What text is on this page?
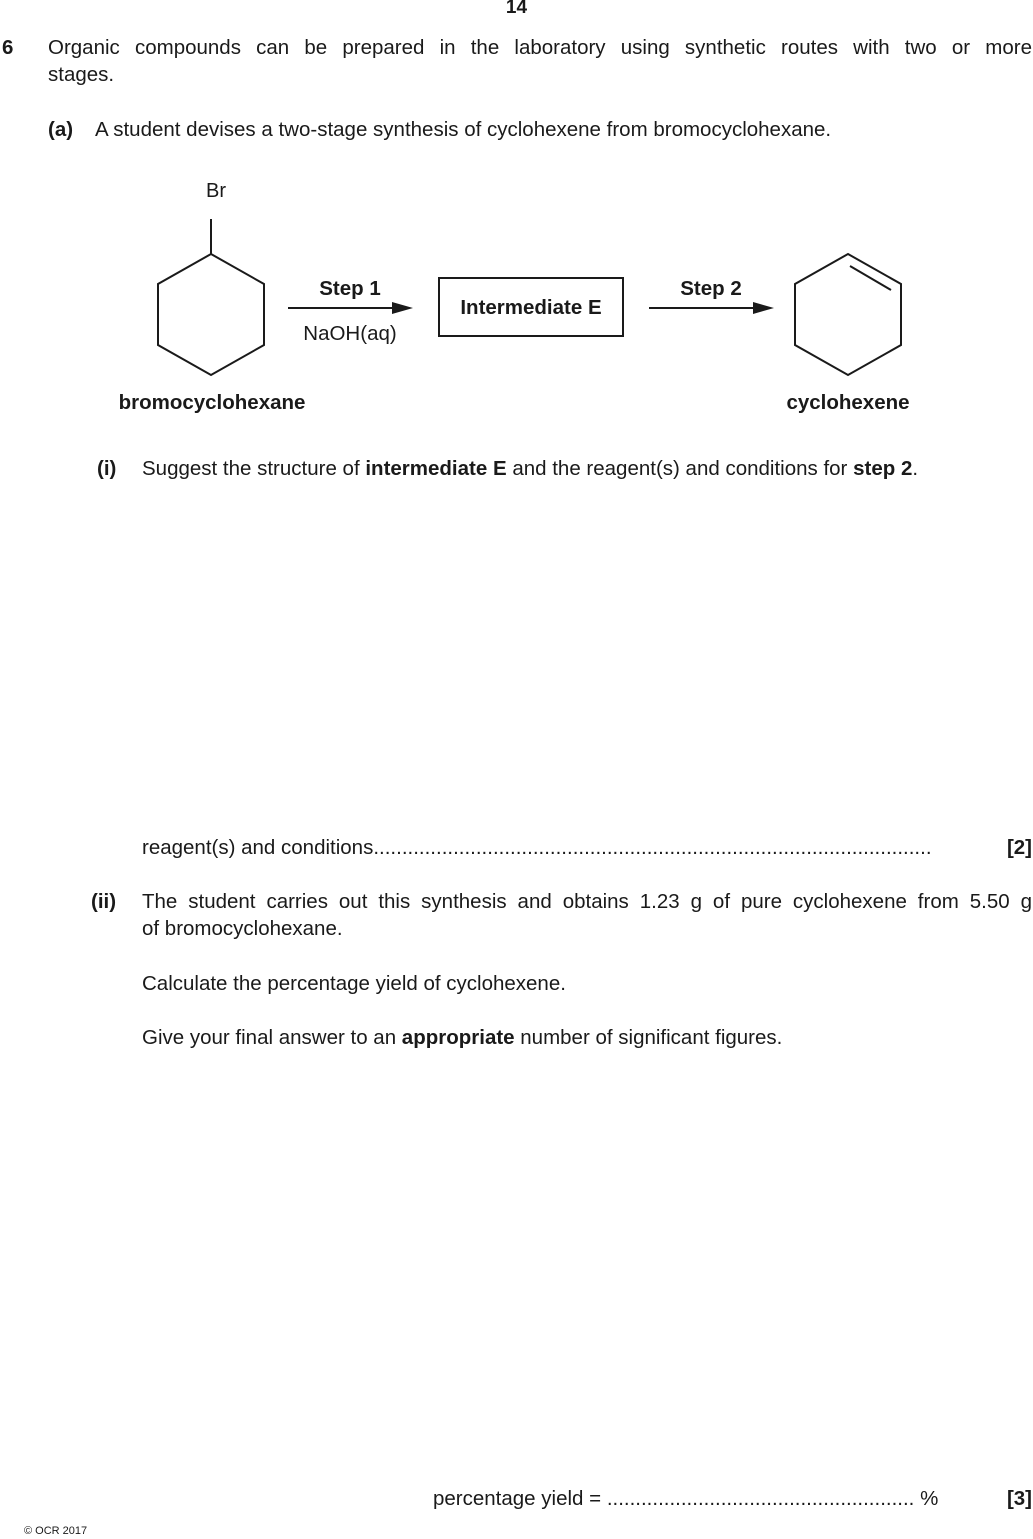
14
6 Organic compounds can be prepared in the laboratory using synthetic routes with two or more
stages.
(a) A student devises a two-stage synthesis of cyclohexene from bromocyclohexane.
Br
bromocyclohexane
Step 1
NaOH(aq)
Intermediate E
Step 2
cyclohexene
(i) Suggest the structure of intermediate E and the reagent(s) and conditions for step 2.
reagent(s) and conditions..................................................................................................	[2]
(ii) The student carries out this synthesis and obtains 1.23 g of pure cyclohexene from 5.50 g
of bromocyclohexane.
Calculate the percentage yield of cyclohexene.
Give your final answer to an appropriate number of significant figures.
percentage yield = ...................................................... %	[3]
© OCR 2017
